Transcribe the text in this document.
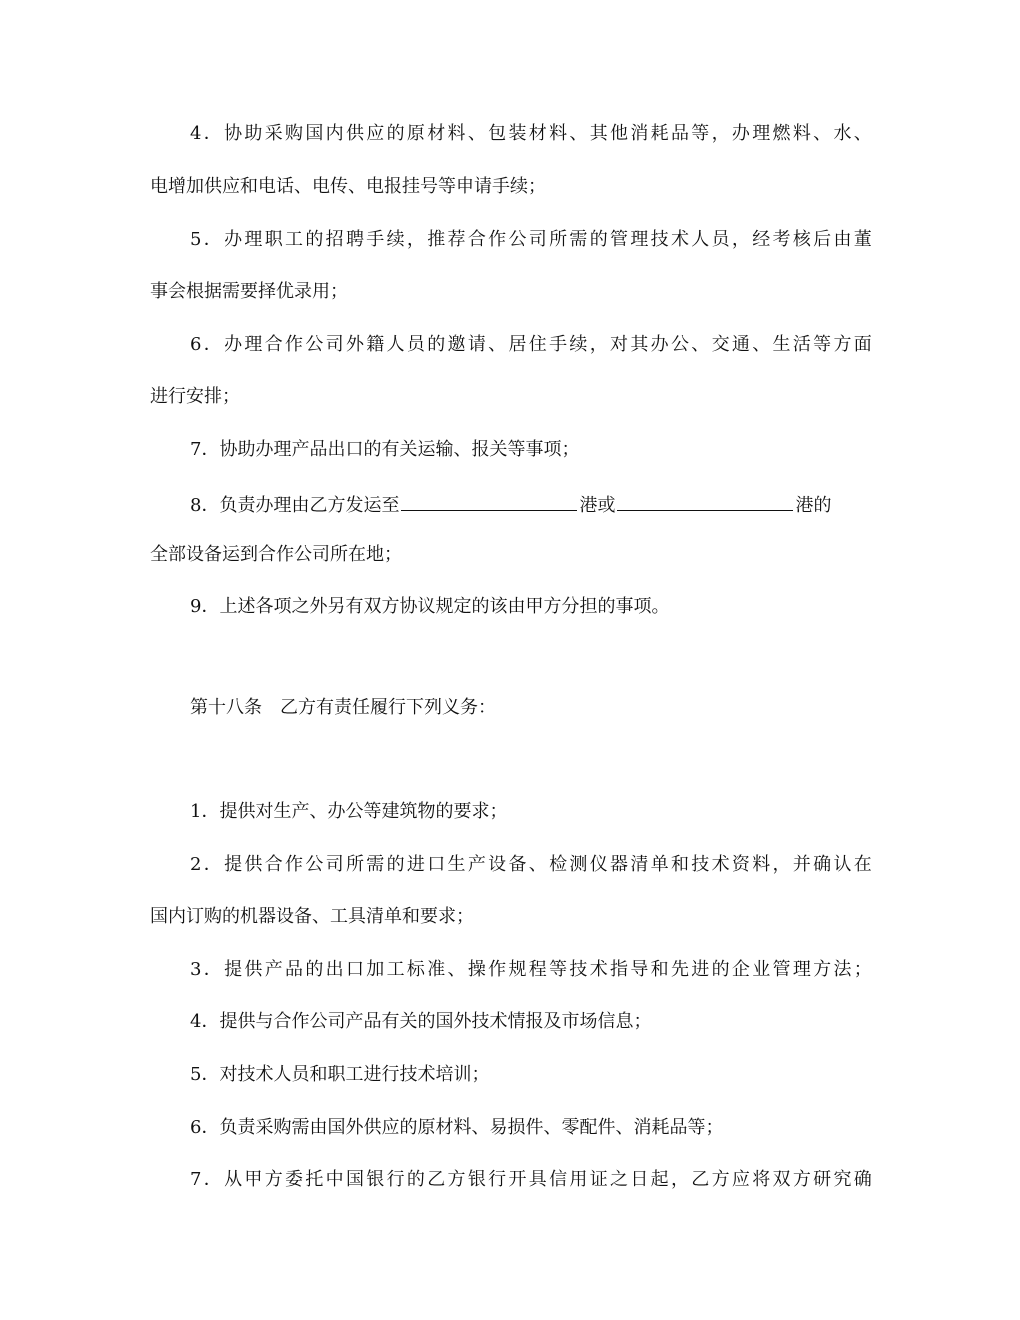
4 ． 协 助 采 购 国 内 供 应 的 原 材 料 、 包 装 材 料 、 其 他 消 耗 品 等 ， 办 理 燃 料 、 水 、
电增加供应和电话、电传、电报挂号等申请手续；
5 ． 办 理 职 工 的 招 聘 手 续 ， 推 荐 合 作 公 司 所 需 的 管 理 技 术 人 员 ， 经 考 核 后 由 董
事会根据需要择优录用；
6 ． 办 理 合 作 公 司 外 籍 人 员 的 邀 请 、 居 住 手 续 ， 对 其 办 公 、 交 通 、 生 活 等 方 面
进行安排；
7．协助办理产品出口的有关运输、报关等事项；
8．负责办理由乙方发运至	港或	港的
全部设备运到合作公司所在地；
9．上述各项之外另有双方协议规定的该由甲方分担的事项。
第十八条　乙方有责任履行下列义务：
1．提供对生产、办公等建筑物的要求；
2 ． 提 供 合 作 公 司 所 需 的 进 口 生 产 设 备 、 检 测 仪 器 清 单 和 技 术 资 料 ， 并 确 认 在
国内订购的机器设备、工具清单和要求；
3 ． 提 供 产 品 的 出 口 加 工 标 准 、 操 作 规 程 等 技 术 指 导 和 先 进 的 企 业 管 理 方 法 ；
4．提供与合作公司产品有关的国外技术情报及市场信息；
5．对技术人员和职工进行技术培训；
6．负责采购需由国外供应的原材料、易损件、零配件、消耗品等；
7 ． 从 甲 方 委 托 中 国 银 行 的 乙 方 银 行 开 具 信 用 证 之 日 起 ， 乙 方 应 将 双 方 研 究 确
